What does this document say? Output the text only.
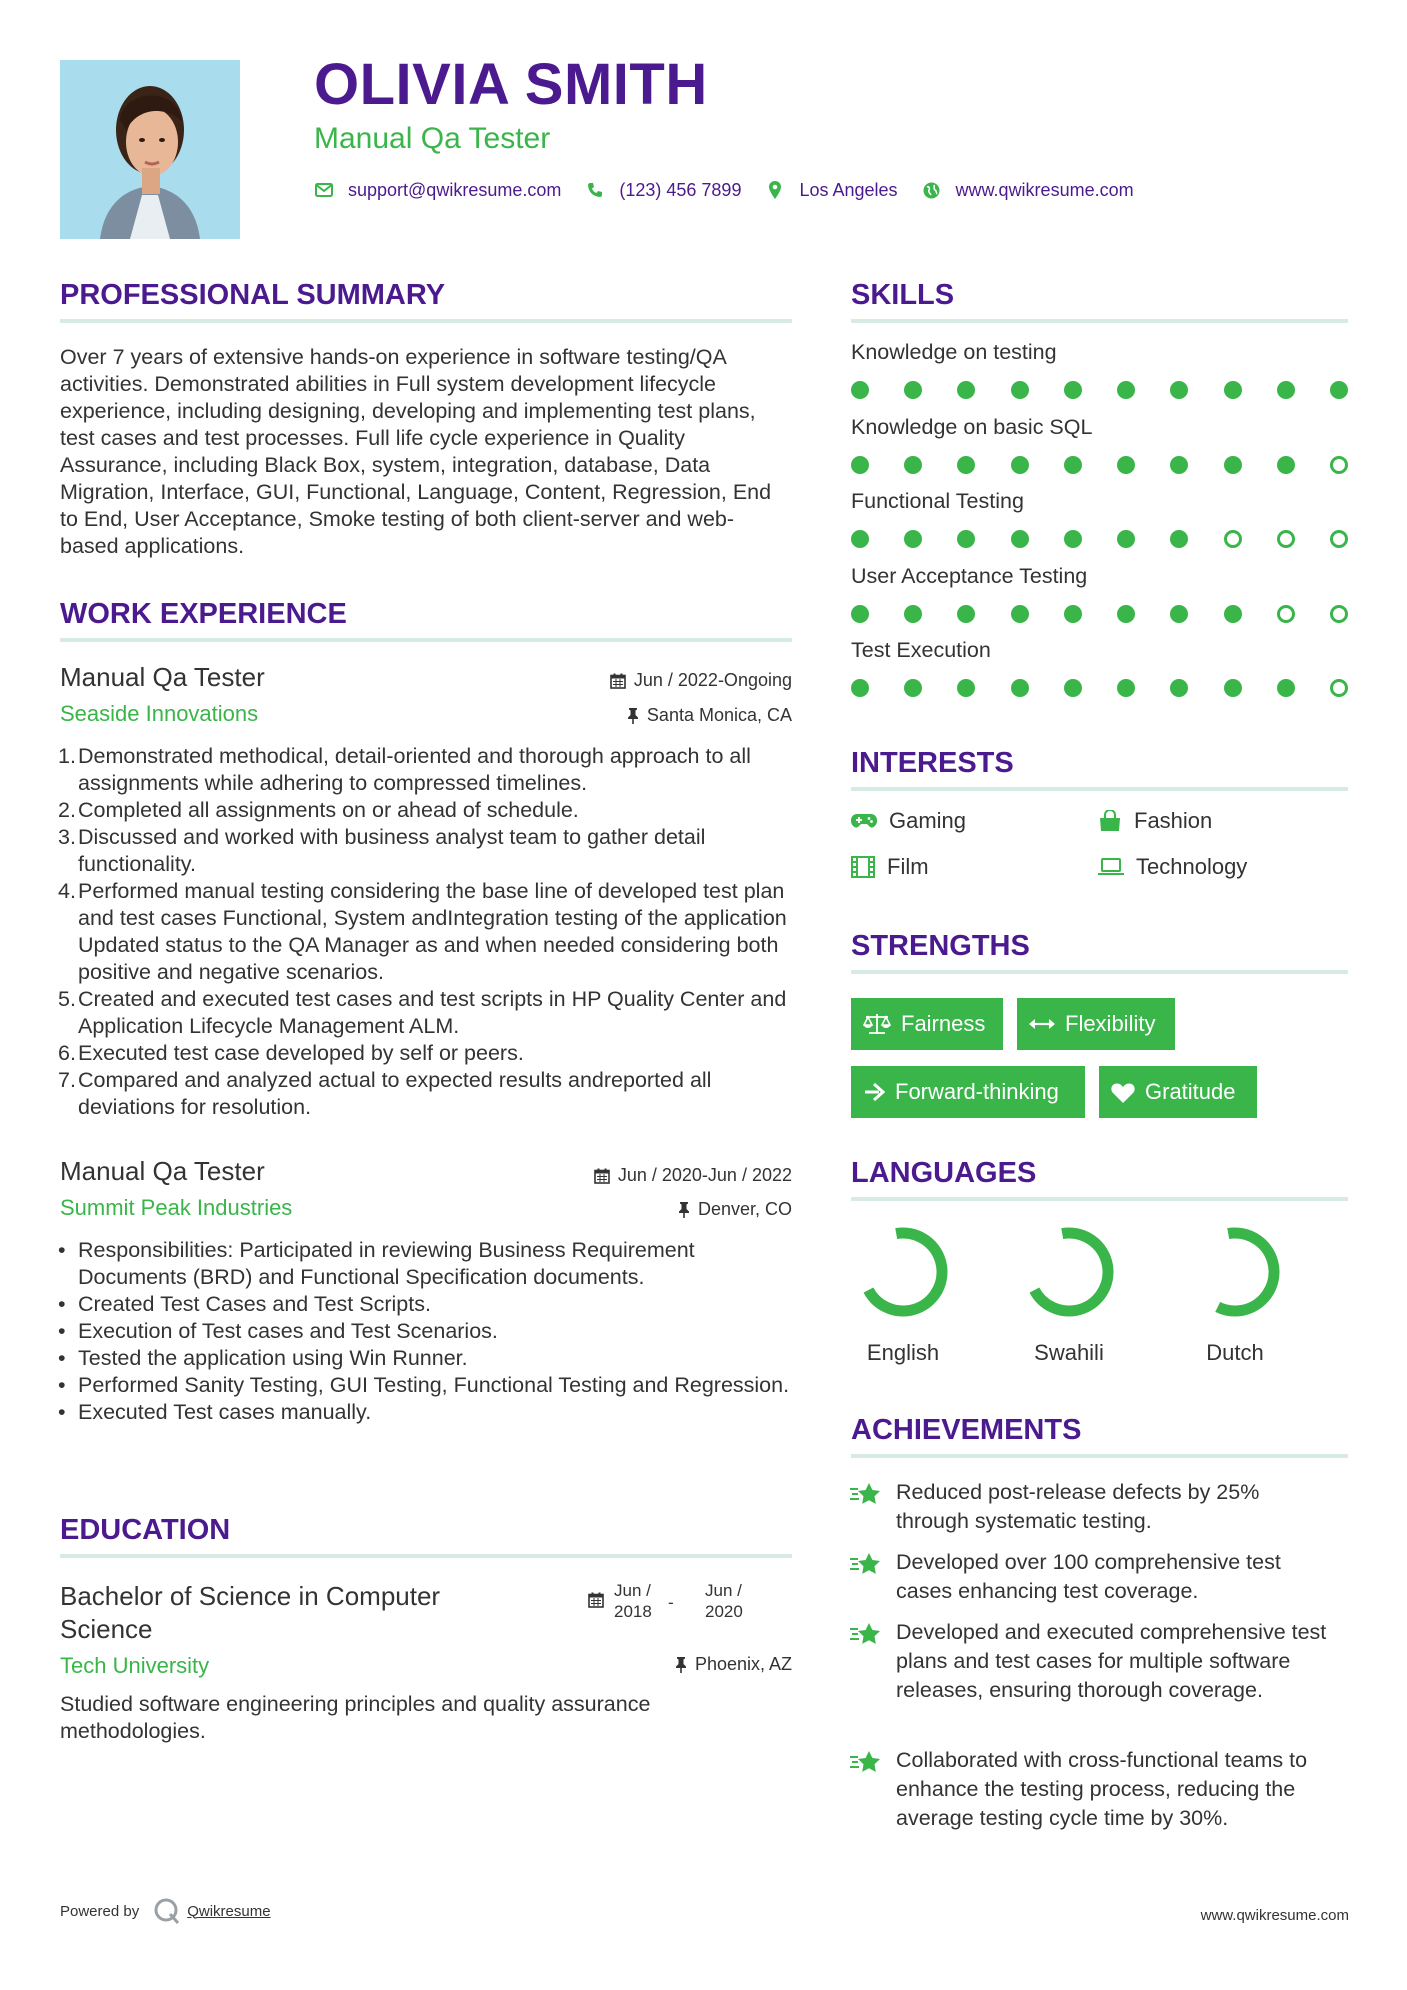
OLIVIA SMITH
Manual Qa Tester
support@qwikresume.com	(123) 456 7899	Los Angeles	www.qwikresume.com
PROFESSIONAL SUMMARY
Over 7 years of extensive hands-on experience in software testing/QA activities. Demonstrated abilities in Full system development lifecycle experience, including designing, developing and implementing test plans, test cases and test processes. Full life cycle experience in Quality Assurance, including Black Box, system, integration, database, Data Migration, Interface, GUI, Functional, Language, Content, Regression, End to End, User Acceptance, Smoke testing of both client-server and web-based applications.
WORK EXPERIENCE
Manual Qa Tester
Seaside Innovations
Jun / 2022-Ongoing
Santa Monica, CA
1. Demonstrated methodical, detail-oriented and thorough approach to all assignments while adhering to compressed timelines.
2. Completed all assignments on or ahead of schedule.
3. Discussed and worked with business analyst team to gather detail functionality.
4. Performed manual testing considering the base line of developed test plan and test cases Functional, System andIntegration testing of the application Updated status to the QA Manager as and when needed considering both positive and negative scenarios.
5. Created and executed test cases and test scripts in HP Quality Center and Application Lifecycle Management ALM.
6. Executed test case developed by self or peers.
7. Compared and analyzed actual to expected results andreported all deviations for resolution.
Manual Qa Tester
Summit Peak Industries
Jun / 2020-Jun / 2022
Denver, CO
• Responsibilities: Participated in reviewing Business Requirement Documents (BRD) and Functional Specification documents.
• Created Test Cases and Test Scripts.
• Execution of Test cases and Test Scenarios.
• Tested the application using Win Runner.
• Performed Sanity Testing, GUI Testing, Functional Testing and Regression.
• Executed Test cases manually.
EDUCATION
Bachelor of Science in Computer Science
Tech University
Jun / 2018 -
Jun / 2020
Phoenix, AZ
Studied software engineering principles and quality assurance methodologies.
SKILLS
Knowledge on testing
Knowledge on basic SQL
Functional Testing
User Acceptance Testing
Test Execution
INTERESTS
Gaming	Fashion
Film	Technology
STRENGTHS
Fairness	Flexibility
Forward-thinking	Gratitude
LANGUAGES
English	Swahili	Dutch
ACHIEVEMENTS
Reduced post-release defects by 25% through systematic testing.
Developed over 100 comprehensive test cases enhancing test coverage.
Developed and executed comprehensive test plans and test cases for multiple software releases, ensuring thorough coverage.
Collaborated with cross-functional teams to enhance the testing process, reducing the average testing cycle time by 30%.
Powered by	Qwikresume	www.qwikresume.com
